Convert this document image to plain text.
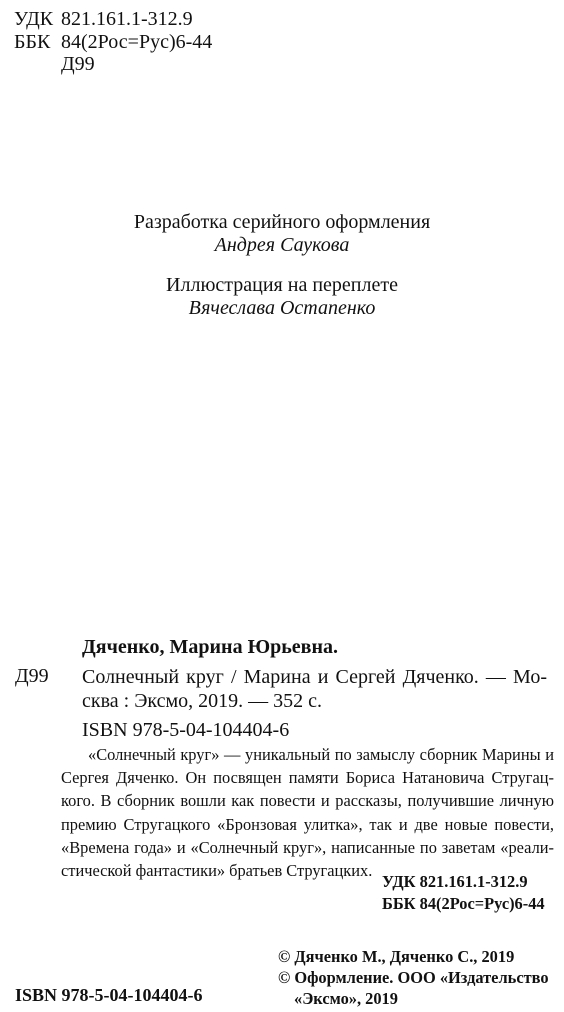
УДК 821.161.1-312.9
ББК 84(2Рос=Рус)6-44
Д99
Разработка серийного оформления
Андрея Саукова
Иллюстрация на переплете
Вячеслава Остапенко
Дяченко, Марина Юрьевна.
Д99 Солнечный круг / Марина и Сергей Дяченко. — Мо-
сква : Эксмо, 2019. — 352 с.
ISBN 978-5-04-104404-6
«Солнечный круг» — уникальный по замыслу сборник Марины и
Сергея Дяченко. Он посвящен памяти Бориса Натановича Стругац-
кого. В сборник вошли как повести и рассказы, получившие личную
премию Стругацкого «Бронзовая улитка», так и две новые повести,
«Времена года» и «Солнечный круг», написанные по заветам «реали-
стической фантастики» братьев Стругацких.
УДК 821.161.1-312.9
ББК 84(2Рос=Рус)6-44
© Дяченко М., Дяченко С., 2019
© Оформление. ООО «Издательство
«Эксмо», 2019
ISBN 978-5-04-104404-6
